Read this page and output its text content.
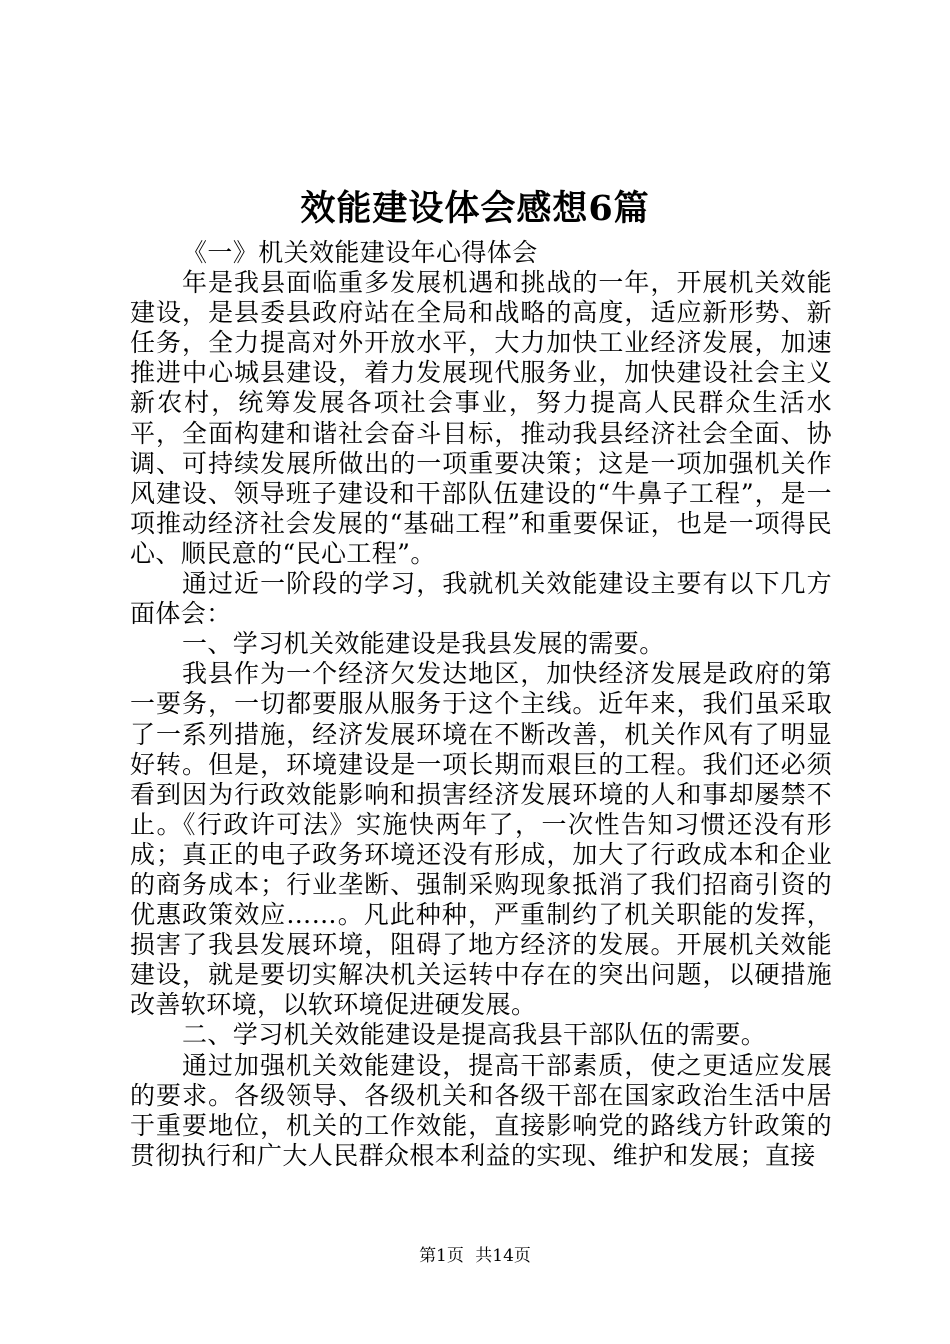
效能建设体会感想6篇

《一》机关效能建设年心得体会

年是我县面临重多发展机遇和挑战的一年，开展机关效能建设，是县委县政府站在全局和战略的高度，适应新形势、新任务，全力提高对外开放水平，大力加快工业经济发展，加速推进中心城县建设，着力发展现代服务业，加快建设社会主义新农村，统筹发展各项社会事业，努力提高人民群众生活水平，全面构建和谐社会奋斗目标，推动我县经济社会全面、协调、可持续发展所做出的一项重要决策；这是一项加强机关作风建设、领导班子建设和干部队伍建设的“牛鼻子工程”，是一项推动经济社会发展的“基础工程”和重要保证，也是一项得民心、顺民意的“民心工程”。

通过近一阶段的学习，我就机关效能建设主要有以下几方面体会：

一、学习机关效能建设是我县发展的需要。

我县作为一个经济欠发达地区，加快经济发展是政府的第一要务，一切都要服从服务于这个主线。近年来，我们虽采取了一系列措施，经济发展环境在不断改善，机关作风有了明显好转。但是，环境建设是一项长期而艰巨的工程。我们还必须看到因为行政效能影响和损害经济发展环境的人和事却屡禁不止。《行政许可法》实施快两年了，一次性告知习惯还没有形成；真正的电子政务环境还没有形成，加大了行政成本和企业的商务成本；行业垄断、强制采购现象抵消了我们招商引资的优惠政策效应……。凡此种种，严重制约了机关职能的发挥，损害了我县发展环境，阻碍了地方经济的发展。开展机关效能建设，就是要切实解决机关运转中存在的突出问题，以硬措施改善软环境，以软环境促进硬发展。

二、学习机关效能建设是提高我县干部队伍的需要。

通过加强机关效能建设，提高干部素质，使之更适应发展的要求。各级领导、各级机关和各级干部在国家政治生活中居于重要地位，机关的工作效能，直接影响党的路线方针政策的贯彻执行和广大人民群众根本利益的实现、维护和发展；直接

第1页 共14页
